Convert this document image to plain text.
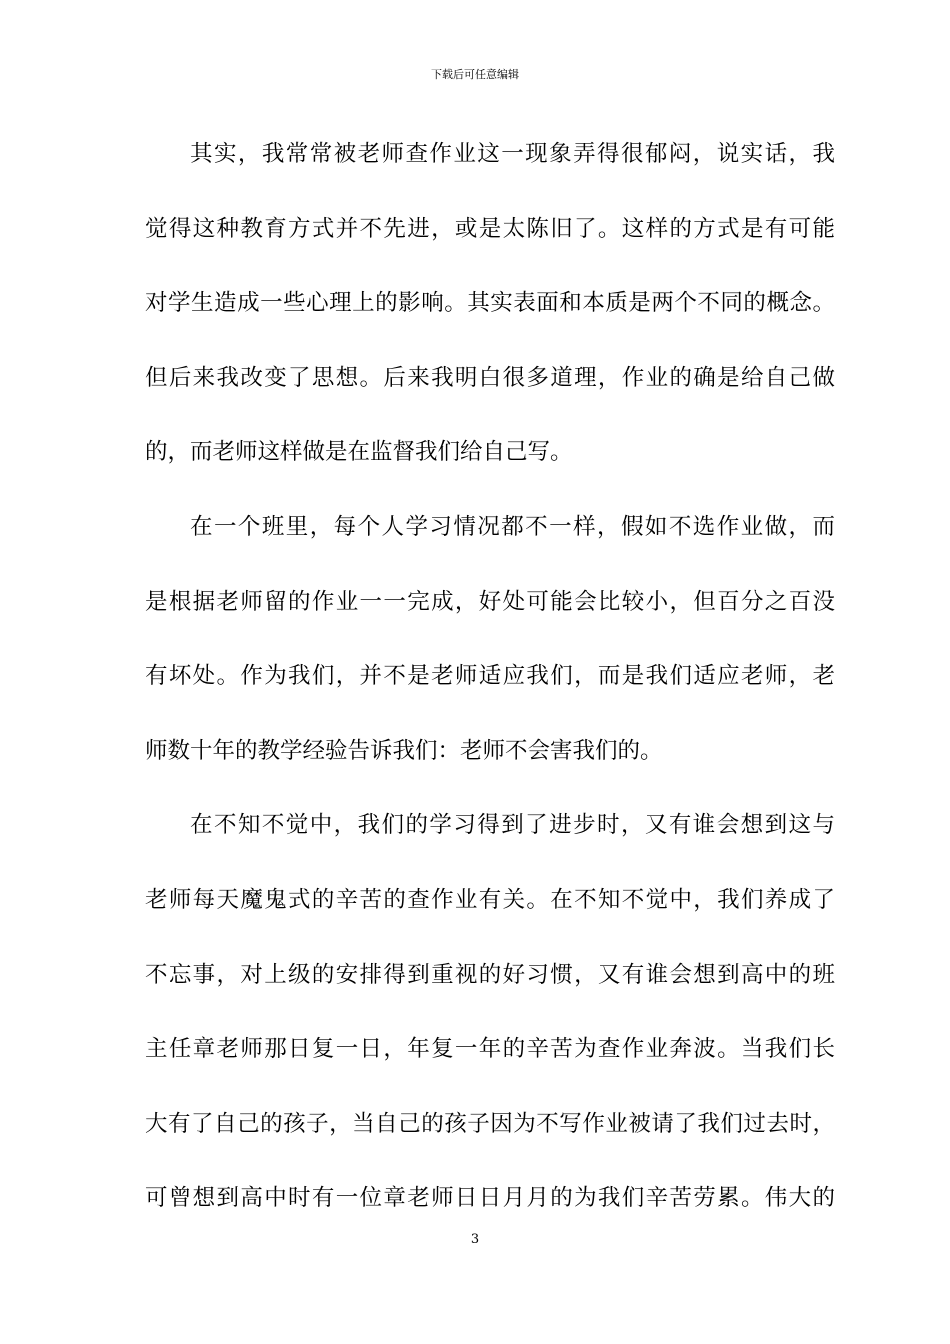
下载后可任意编辑
其实，我常常被老师查作业这一现象弄得很郁闷，说实话，我
觉得这种教育方式并不先进，或是太陈旧了。这样的方式是有可能
对学生造成一些心理上的影响。其实表面和本质是两个不同的概念。
但后来我改变了思想。后来我明白很多道理，作业的确是给自己做
的，而老师这样做是在监督我们给自己写。
在一个班里，每个人学习情况都不一样，假如不选作业做，而
是根据老师留的作业一一完成，好处可能会比较小，但百分之百没
有坏处。作为我们，并不是老师适应我们，而是我们适应老师，老
师数十年的教学经验告诉我们：老师不会害我们的。
在不知不觉中，我们的学习得到了进步时，又有谁会想到这与
老师每天魔鬼式的辛苦的查作业有关。在不知不觉中，我们养成了
不忘事，对上级的安排得到重视的好习惯，又有谁会想到高中的班
主任章老师那日复一日，年复一年的辛苦为查作业奔波。当我们长
大有了自己的孩子，当自己的孩子因为不写作业被请了我们过去时，
可曾想到高中时有一位章老师日日月月的为我们辛苦劳累。伟大的
3
